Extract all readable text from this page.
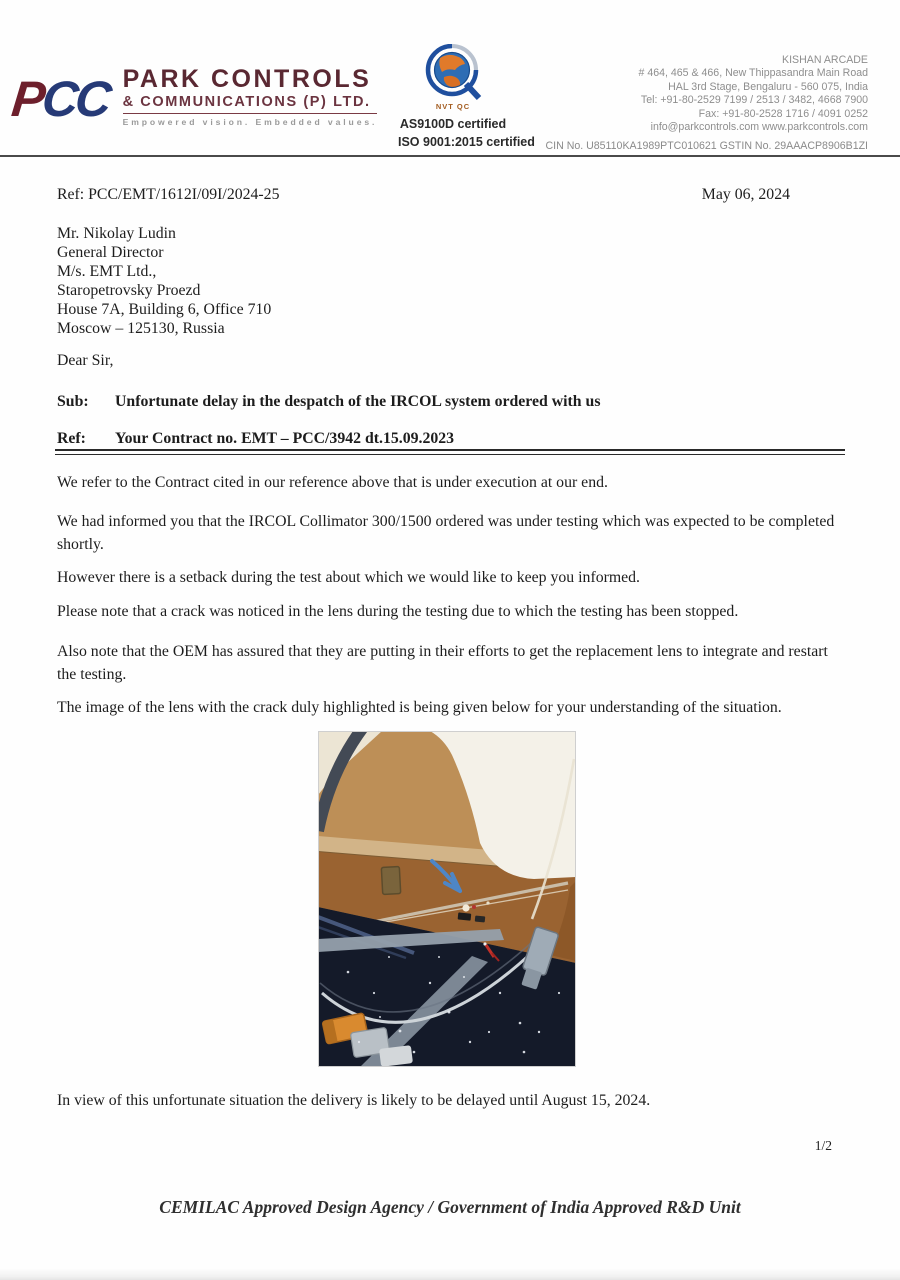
PCC PARK CONTROLS
& COMMUNICATIONS (P) LTD.
Empowered vision. Embedded values.
NVT QC
AS9100D certified
ISO 9001:2015 certified
KISHAN ARCADE
# 464, 465 & 466, New Thippasandra Main Road
HAL 3rd Stage, Bengaluru - 560 075, India
Tel: +91-80-2529 7199 / 2513 / 3482, 4668 7900
Fax: +91-80-2528 1716 / 4091 0252
info@parkcontrols.com www.parkcontrols.com
CIN No. U85110KA1989PTC010621 GSTIN No. 29AAACP8906B1ZI
Ref: PCC/EMT/1612I/09I/2024-25	May 06, 2024
Mr. Nikolay Ludin
General Director
M/s. EMT Ltd.,
Staropetrovsky Proezd
House 7A, Building 6, Office 710
Moscow – 125130, Russia
Dear Sir,
Sub:	Unfortunate delay in the despatch of the IRCOL system ordered with us
Ref:	Your Contract no. EMT – PCC/3942 dt.15.09.2023
We refer to the Contract cited in our reference above that is under execution at our end.
We had informed you that the IRCOL Collimator 300/1500 ordered was under testing which was expected to be completed shortly.
However there is a setback during the test about which we would like to keep you informed.
Please note that a crack was noticed in the lens during the testing due to which the testing has been stopped.
Also note that the OEM has assured that they are putting in their efforts to get the replacement lens to integrate and restart the testing.
The image of the lens with the crack duly highlighted is being given below for your understanding of the situation.
In view of this unfortunate situation the delivery is likely to be delayed until August 15, 2024.
1/2
CEMILAC Approved Design Agency / Government of India Approved R&D Unit
